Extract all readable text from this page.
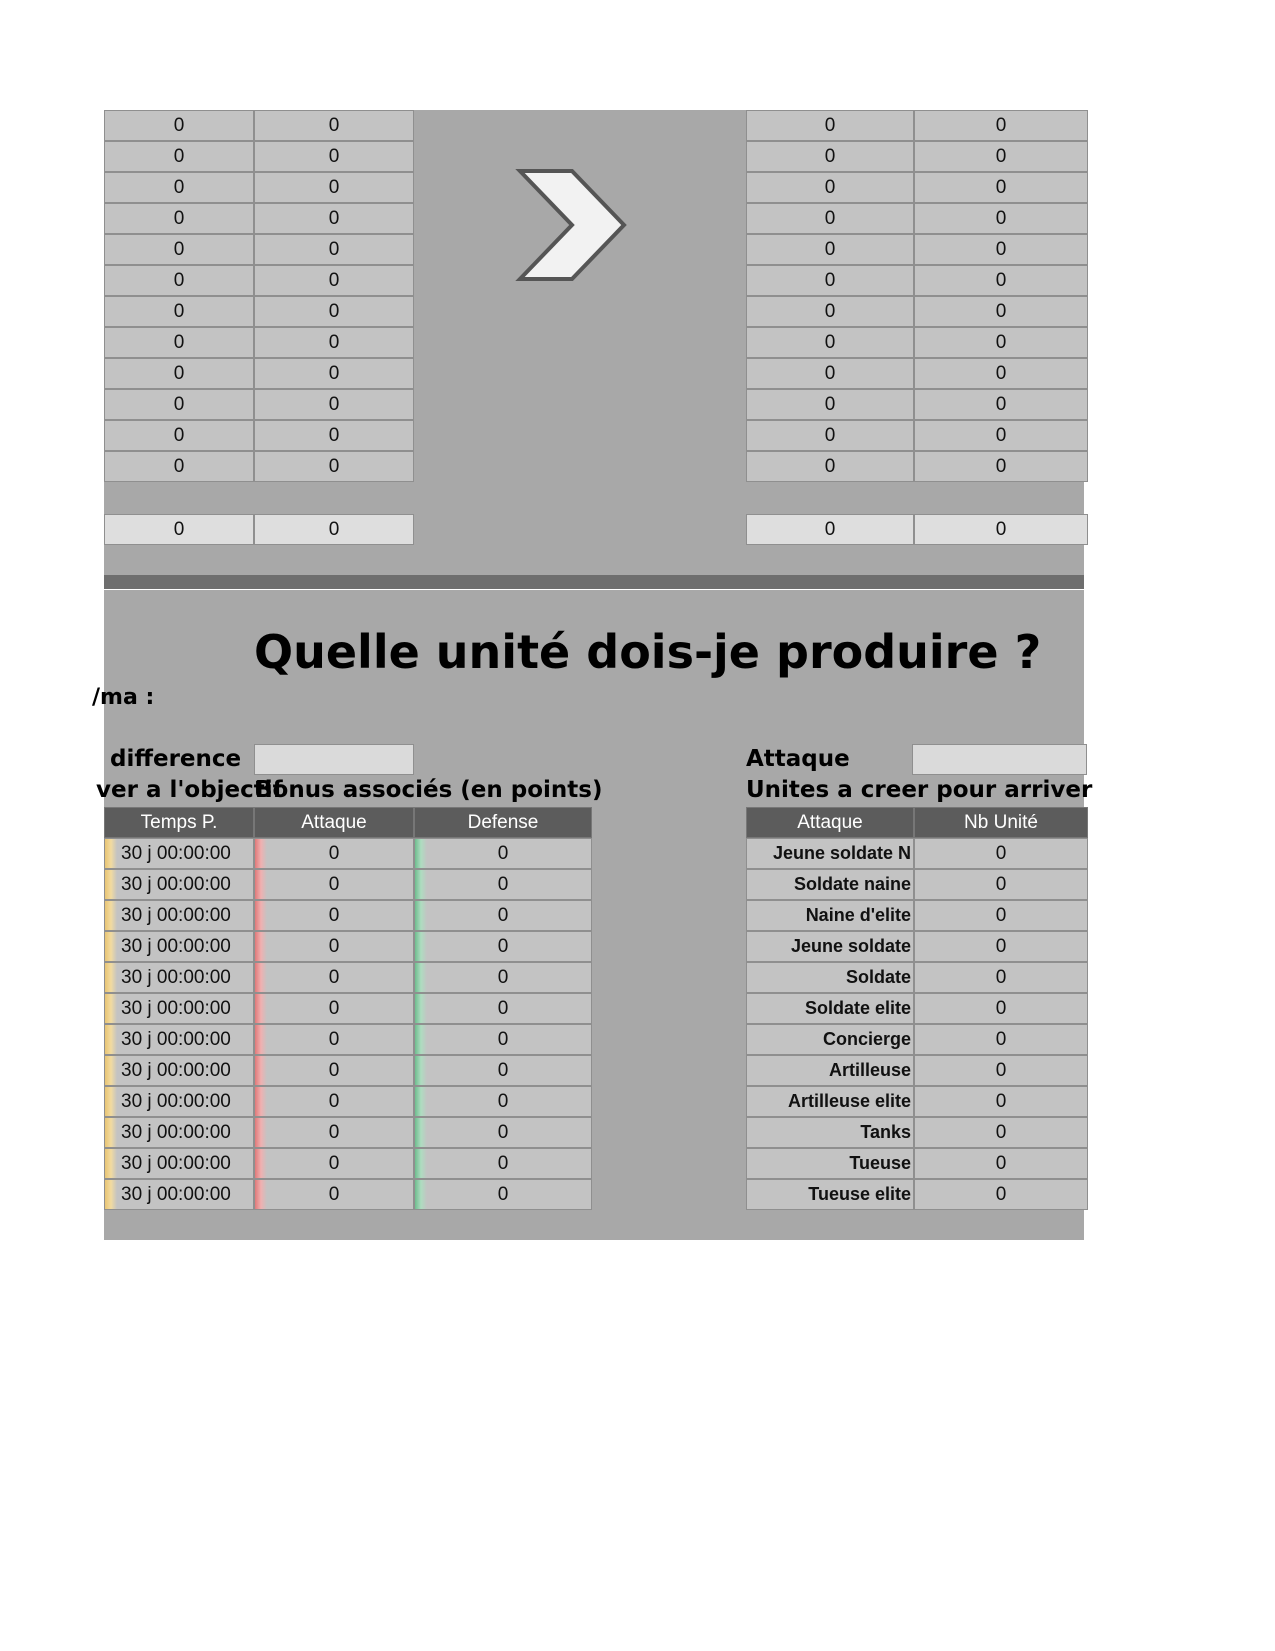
0	0
0	0
0	0
0	0
0	0
0	0
0	0
0	0
0	0
0	0
0	0
0	0
0	0
0	0
0	0
0	0
0	0
0	0
0	0
0	0
0	0
0	0
0	0
0	0
0	0
0	0
Quelle unité dois-je produire ?
/ma :
difference	Attaque
ver a l'objectif
Bonus associés (en points)	Unites a creer pour arriver
Temps P.	Attaque	Defense
30 j 00:00:00	0	0
30 j 00:00:00	0	0
30 j 00:00:00	0	0
30 j 00:00:00	0	0
30 j 00:00:00	0	0
30 j 00:00:00	0	0
30 j 00:00:00	0	0
30 j 00:00:00	0	0
30 j 00:00:00	0	0
30 j 00:00:00	0	0
30 j 00:00:00	0	0
30 j 00:00:00	0	0
Attaque	Nb Unité
Jeune soldate N	0
Soldate naine	0
Naine d'elite	0
Jeune soldate	0
Soldate	0
Soldate elite	0
Concierge	0
Artilleuse	0
Artilleuse elite	0
Tanks	0
Tueuse	0
Tueuse elite	0
